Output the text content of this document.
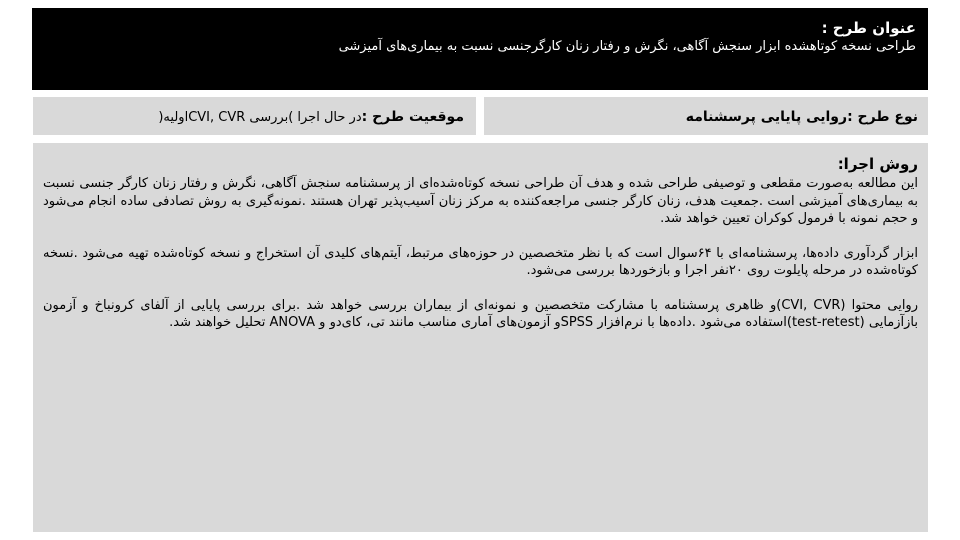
عنوان طرح :
طراحی نسخه کوتاهشده ابزار سنجش آگاهی، نگرش و رفتار زنان کارگرجنسی نسبت به بیماری‌های آمیزشی
موقعیت طرح :در حال اجرا )بررسی CVI, CVRاولیه(	نوع طرح :روایی پایایی پرسشنامه
روش اجرا:

این مطالعه به‌صورت مقطعی و توصیفی طراحی شده و هدف آن طراحی نسخه کوتاه‌شده‌ای از پرسشنامه سنجش آگاهی، نگرش و رفتار زنان کارگر جنسی نسبت به بیماری‌های آمیزشی است .جمعیت هدف، زنان کارگر جنسی مراجعه‌کننده به مرکز زنان آسیب‌پذیر تهران هستند .نمونه‌گیری به روش تصادفی ساده انجام می‌شود و حجم نمونه با فرمول کوکران تعیین خواهد شد.

ابزار گردآوری داده‌ها، پرسشنامه‌ای با ۶۴سوال است که با نظر متخصصین در حوزه‌های مرتبط، آیتم‌های کلیدی آن استخراج و نسخه کوتاه‌شده تهیه می‌شود .نسخه کوتاه‌شده در مرحله پایلوت روی ۲۰نفر اجرا و بازخوردها بررسی می‌شود.

روایی محتوا (CVI, CVR)و ظاهری پرسشنامه با مشارکت متخصصین و نمونه‌ای از بیماران بررسی خواهد شد .برای بررسی پایایی از آلفای کرونباخ و آزمون بازآزمایی (test-retest)استفاده می‌شود .داده‌ها با نرم‌افزار SPSSو آزمون‌های آماری مناسب مانند تی، کای‌دو و ANOVA تحلیل خواهند شد.
